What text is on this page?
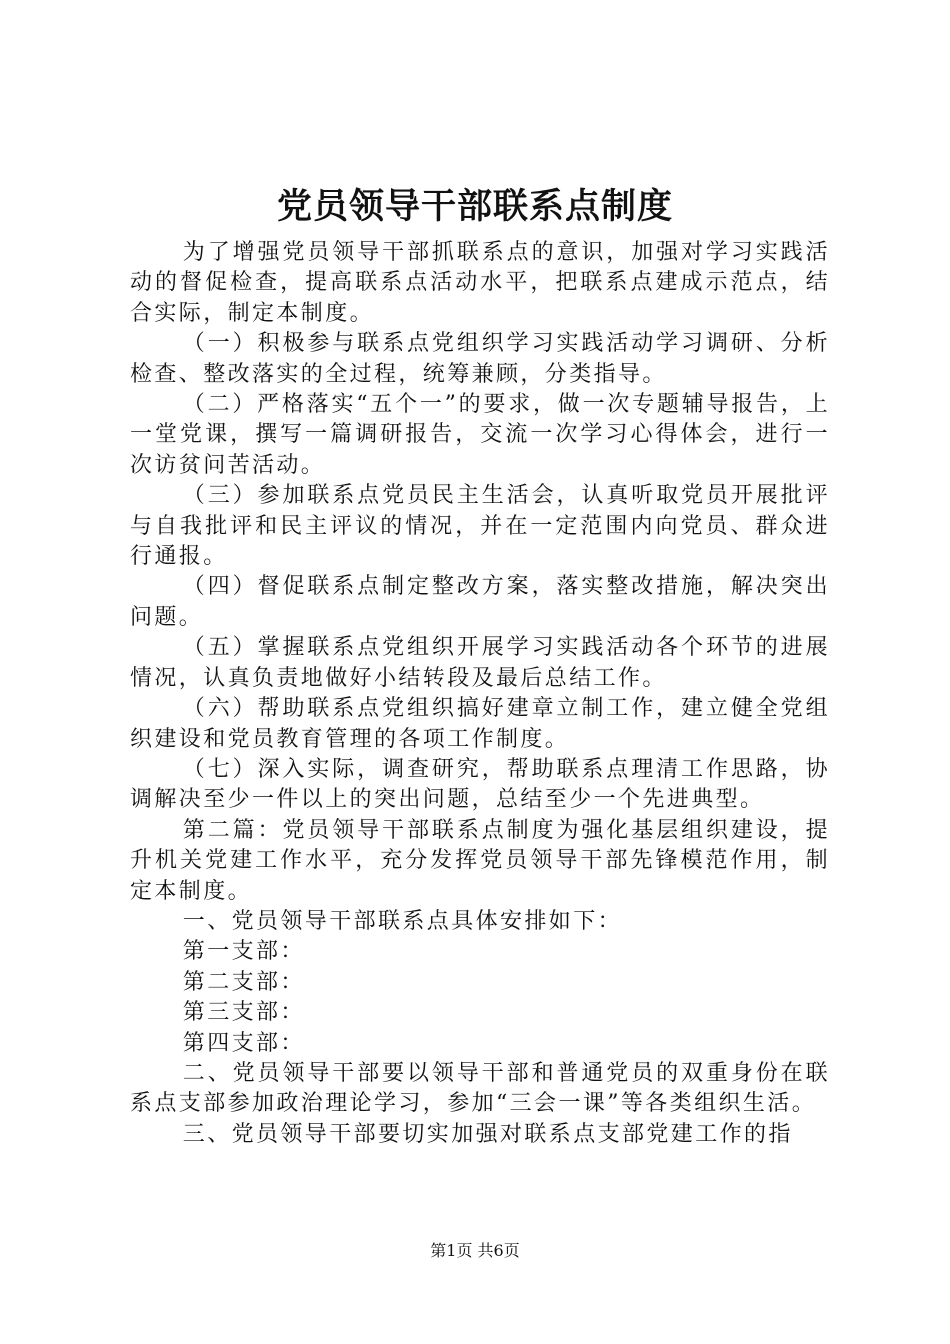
党员领导干部联系点制度

为了增强党员领导干部抓联系点的意识，加强对学习实践活动的督促检查，提高联系点活动水平，把联系点建成示范点，结合实际，制定本制度。

（一）积极参与联系点党组织学习实践活动学习调研、分析检查、整改落实的全过程，统筹兼顾，分类指导。

（二）严格落实“五个一”的要求，做一次专题辅导报告，上一堂党课，撰写一篇调研报告，交流一次学习心得体会，进行一次访贫问苦活动。

（三）参加联系点党员民主生活会，认真听取党员开展批评与自我批评和民主评议的情况，并在一定范围内向党员、群众进行通报。

（四）督促联系点制定整改方案，落实整改措施，解决突出问题。

（五）掌握联系点党组织开展学习实践活动各个环节的进展情况，认真负责地做好小结转段及最后总结工作。

（六）帮助联系点党组织搞好建章立制工作，建立健全党组织建设和党员教育管理的各项工作制度。

（七）深入实际，调查研究，帮助联系点理清工作思路，协调解决至少一件以上的突出问题，总结至少一个先进典型。

第二篇：党员领导干部联系点制度为强化基层组织建设，提升机关党建工作水平，充分发挥党员领导干部先锋模范作用，制定本制度。

一、党员领导干部联系点具体安排如下：

第一支部：

第二支部：

第三支部：

第四支部：

二、党员领导干部要以领导干部和普通党员的双重身份在联系点支部参加政治理论学习，参加“三会一课”等各类组织生活。

三、党员领导干部要切实加强对联系点支部党建工作的指

第1页 共6页
